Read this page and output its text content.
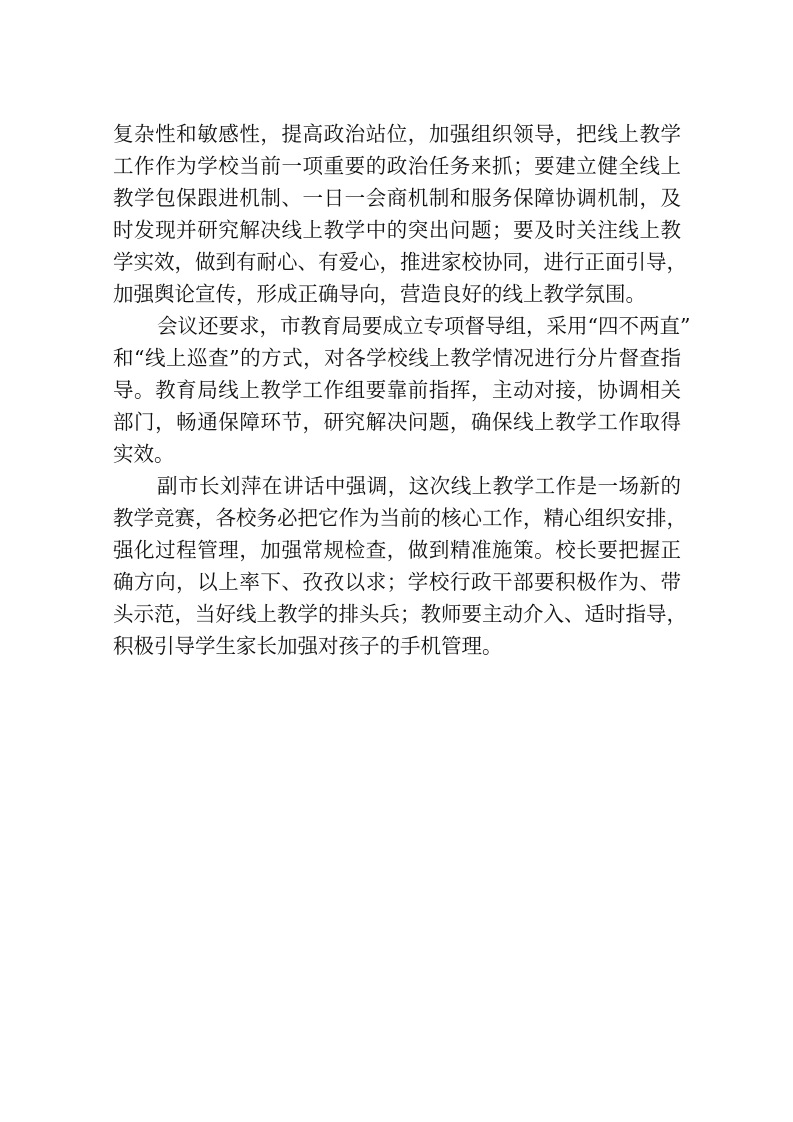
复杂性和敏感性，提高政治站位，加强组织领导，把线上教学
工作作为学校当前一项重要的政治任务来抓；要建立健全线上
教学包保跟进机制、一日一会商机制和服务保障协调机制，及
时发现并研究解决线上教学中的突出问题；要及时关注线上教
学实效，做到有耐心、有爱心，推进家校协同，进行正面引导，
加强舆论宣传，形成正确导向，营造良好的线上教学氛围。
会议还要求，市教育局要成立专项督导组，采用“四不两直”
和“线上巡查”的方式，对各学校线上教学情况进行分片督查指
导。教育局线上教学工作组要靠前指挥，主动对接，协调相关
部门，畅通保障环节，研究解决问题，确保线上教学工作取得
实效。
副市长刘萍在讲话中强调，这次线上教学工作是一场新的
教学竞赛，各校务必把它作为当前的核心工作，精心组织安排，
强化过程管理，加强常规检查，做到精准施策。校长要把握正
确方向，以上率下、孜孜以求；学校行政干部要积极作为、带
头示范，当好线上教学的排头兵；教师要主动介入、适时指导，
积极引导学生家长加强对孩子的手机管理。
